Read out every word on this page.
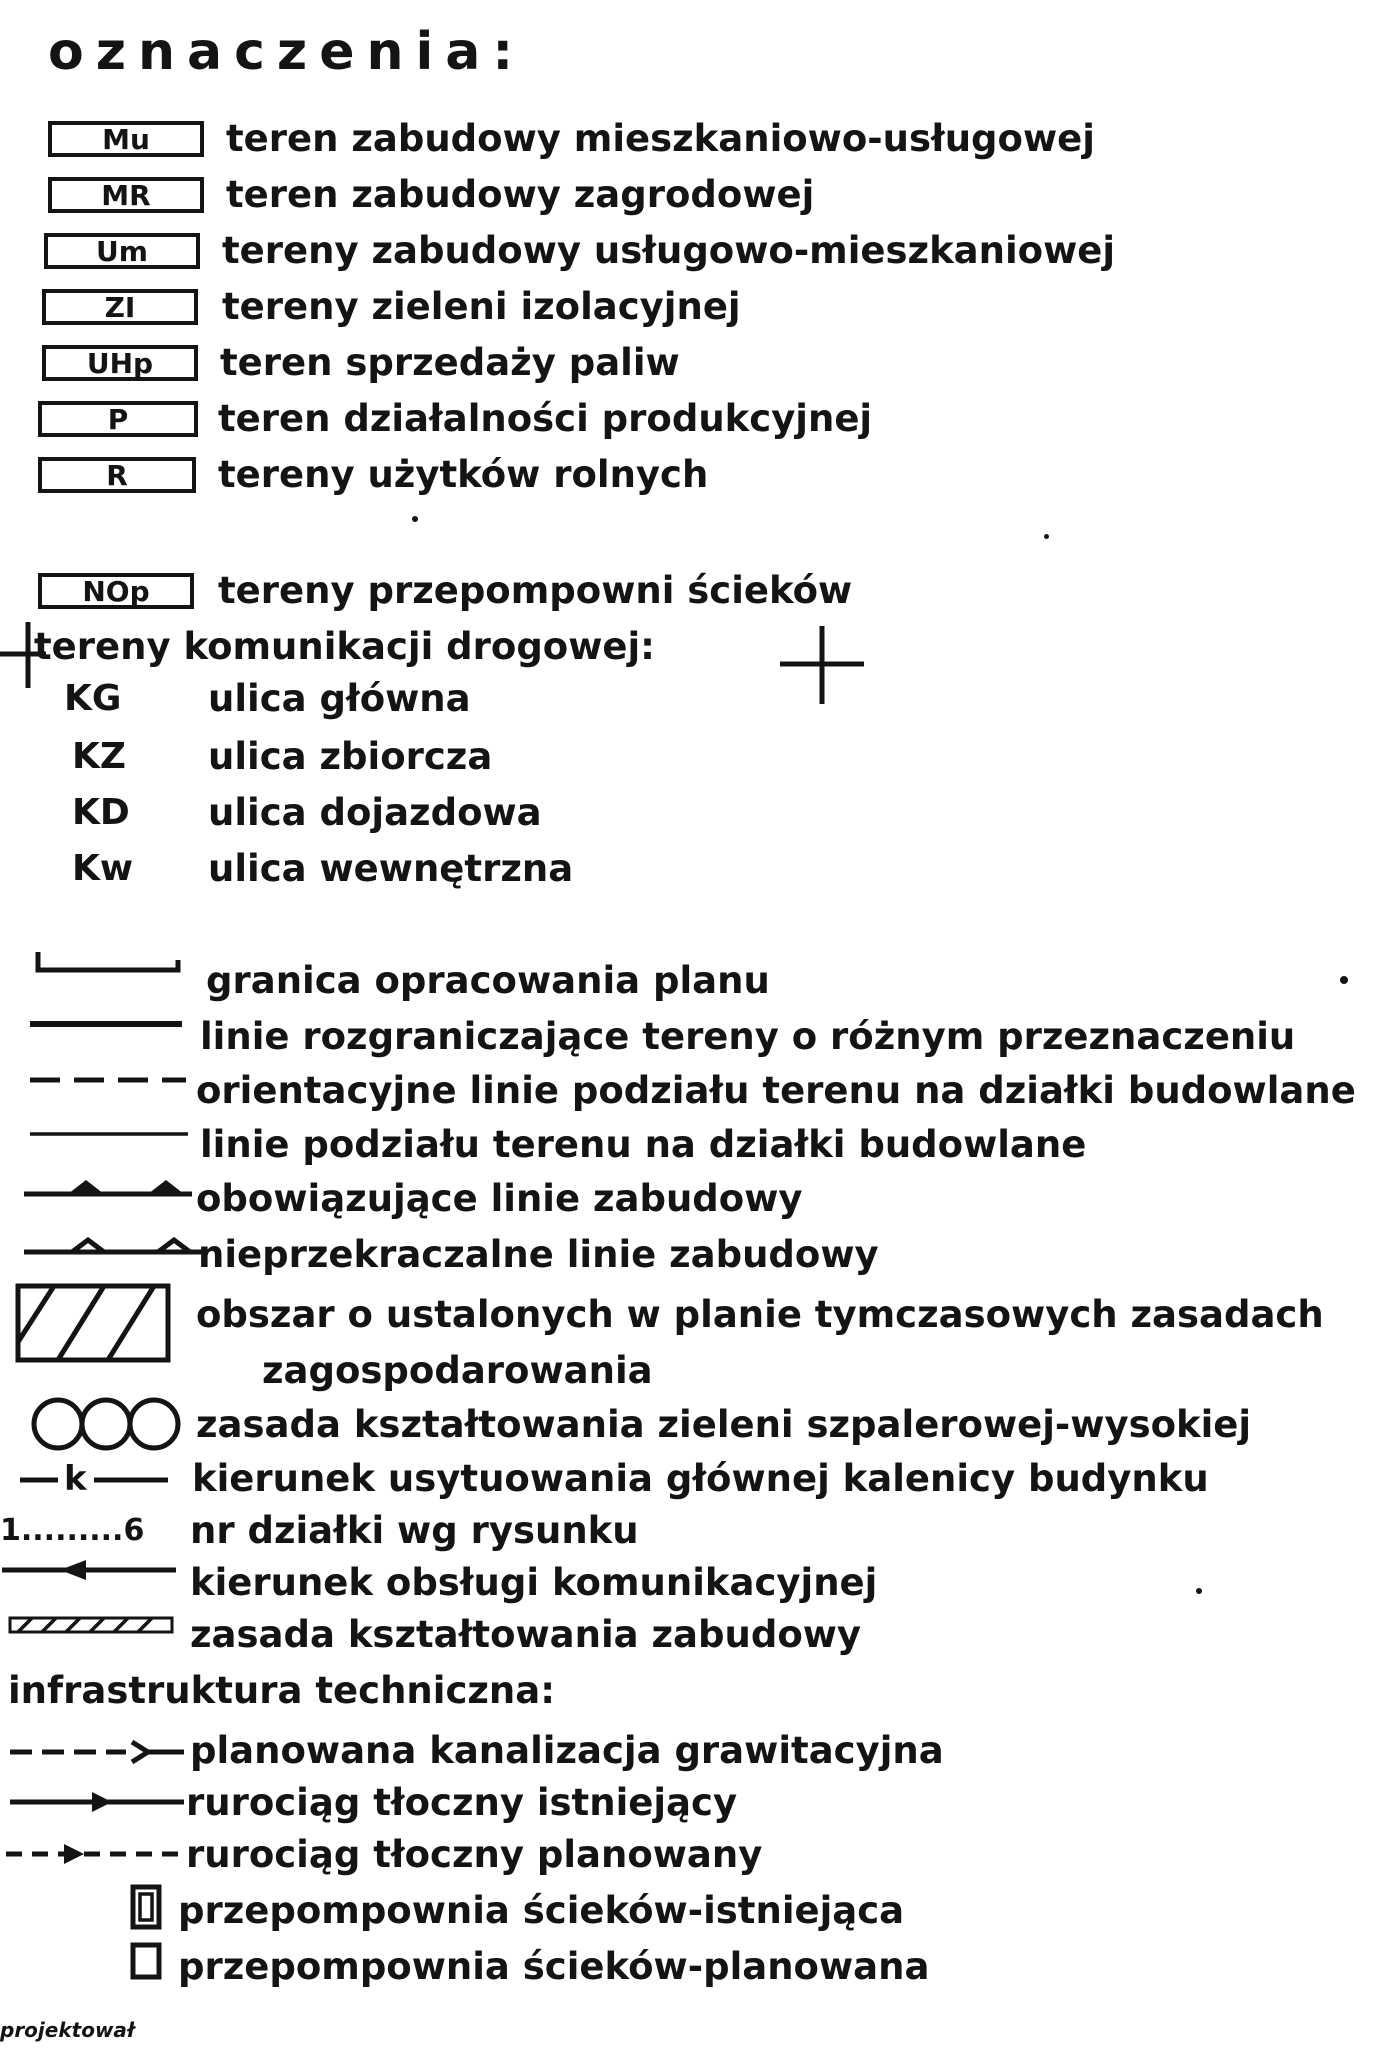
oznaczenia:
Mu	teren zabudowy mieszkaniowo-usługowej
MR	teren zabudowy zagrodowej
Um	tereny zabudowy usługowo-mieszkaniowej
ZI	tereny zieleni izolacyjnej
UHp	teren sprzedaży paliw
P	teren działalności produkcyjnej
R	tereny użytków rolnych
NOp	tereny przepompowni ścieków
tereny komunikacji drogowej:
KG ulica główna
KZ ulica zbiorcza
KD ulica dojazdowa
Kw ulica wewnętrzna
granica opracowania planu
linie rozgraniczające tereny o różnym przeznaczeniu
orientacyjne linie podziału terenu na działki budowlane
linie podziału terenu na działki budowlane
obowiązujące linie zabudowy
nieprzekraczalne linie zabudowy
obszar o ustalonych w planie tymczasowych zasadach
zagospodarowania
zasada kształtowania zieleni szpalerowej-wysokiej
k	kierunek usytuowania głównej kalenicy budynku
1.........6 nr działki wg rysunku
kierunek obsługi komunikacyjnej
zasada kształtowania zabudowy
infrastruktura techniczna:
planowana kanalizacja grawitacyjna
rurociąg tłoczny istniejący
rurociąg tłoczny planowany
przepompownia ścieków-istniejąca
przepompownia ścieków-planowana
projektował
